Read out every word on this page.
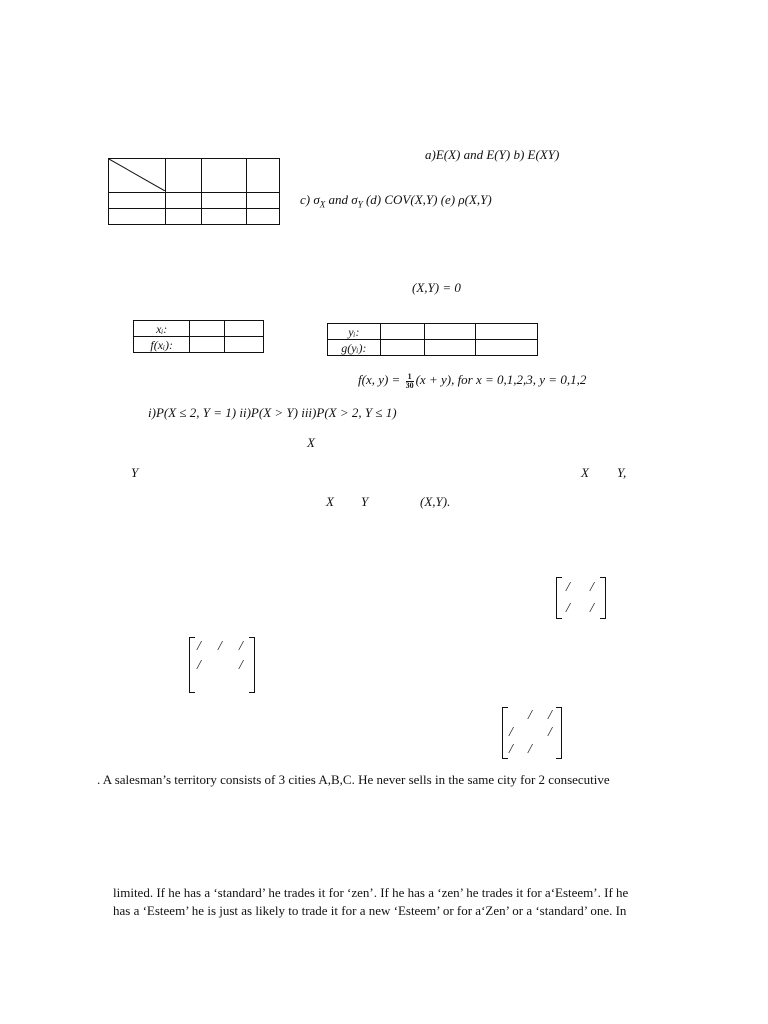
a)E(X) and E(Y) b) E(XY)
c) $\sigma_X$ and $\sigma_Y$ (d) COV(X,Y) (e) ρ(X,Y)
(X,Y) = 0
xᵢ:		
f(xᵢ):		
yᵢ:			
g(yᵢ):			
f(x, $y) = \frac{1}{30} (x + y)$, for x = 0,1,2,3, y = 0,1,2
i)P(X ≤ 2, Y = 1) ii)P(X > Y) iii)P(X > 2, Y ≤ 1)
X
Y	X Y,
X Y	(X,Y).
/ /
/ /
/ / /
/	/
/ /
/	/
/ /
. A salesman’s territory consists of 3 cities A,B,C. He never sells in the same city for 2 consecutive
limited. If he has a ‘standard’ he trades it for ‘zen’. If he has a ‘zen’ he trades it for a‘Esteem’. If he
has a ‘Esteem’ he is just as likely to trade it for a new ‘Esteem’ or for a‘Zen’ or a ‘standard’ one. In
